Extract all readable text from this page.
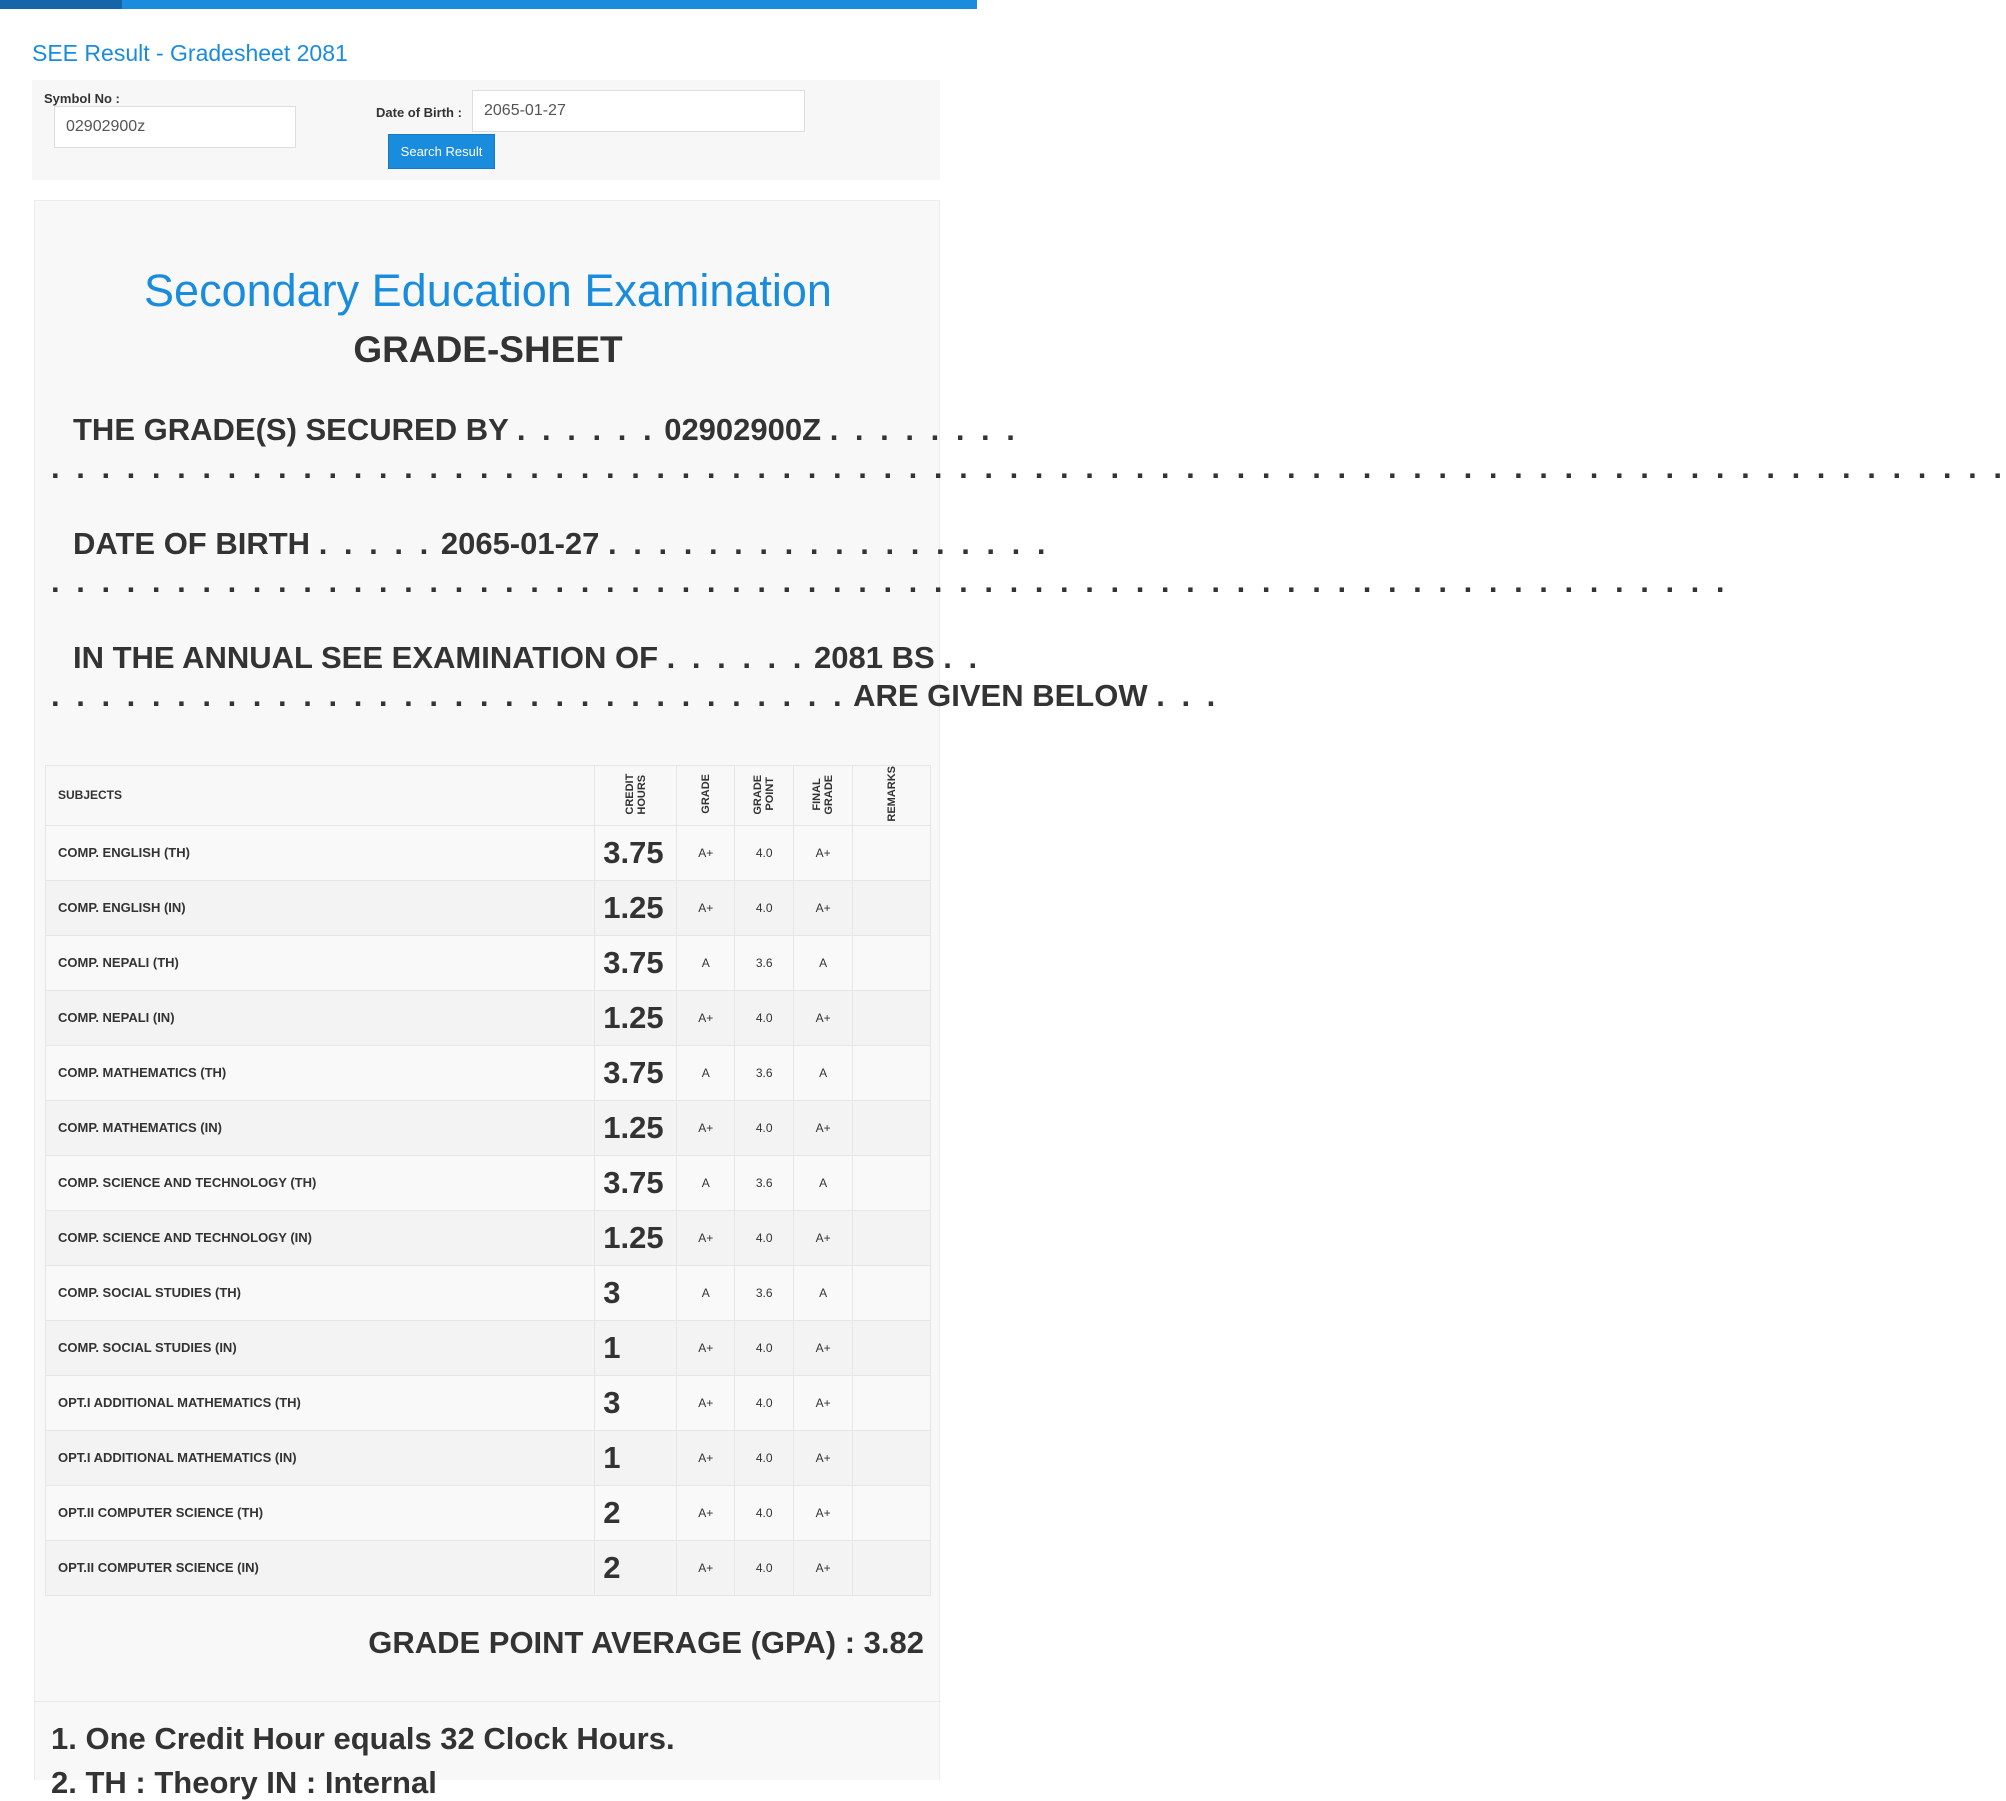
SEE Result - Gradesheet 2081
Symbol No :
02902900z
Date of Birth :
2065-01-27
Search Result
Secondary Education Examination
GRADE-SHEET
THE GRADE(S) SECURED BY . . . . . . 02902900Z . . . . . . . .
. . . . . . . . . . . . . . . . . . . . . . . . . . . . . . . . . . . . . . . . . . . . . . . . . . . . . . . . . . . . . . . . . . . . . . . . . . . . . .
DATE OF BIRTH . . . . . 2065-01-27 . . . . . . . . . . . . . . . . . .
. . . . . . . . . . . . . . . . . . . . . . . . . . . . . . . . . . . . . . . . . . . . . . . . . . . . . . . . . . . . . . . . . . .
IN THE ANNUAL SEE EXAMINATION OF . . . . . . 2081 BS . .
. . . . . . . . . . . . . . . . . . . . . . . . . . . . . . . . ARE GIVEN BELOW . . .
SUBJECTS	CREDIT HOURS	GRADE	GRADE POINT	FINAL GRADE	REMARKS
COMP. ENGLISH (TH)	3.75	A+	4.0	A+	
COMP. ENGLISH (IN)	1.25	A+	4.0	A+	
COMP. NEPALI (TH)	3.75	A	3.6	A	
COMP. NEPALI (IN)	1.25	A+	4.0	A+	
COMP. MATHEMATICS (TH)	3.75	A	3.6	A	
COMP. MATHEMATICS (IN)	1.25	A+	4.0	A+	
COMP. SCIENCE AND TECHNOLOGY (TH)	3.75	A	3.6	A	
COMP. SCIENCE AND TECHNOLOGY (IN)	1.25	A+	4.0	A+	
COMP. SOCIAL STUDIES (TH)	3	A	3.6	A	
COMP. SOCIAL STUDIES (IN)	1	A+	4.0	A+	
OPT.I ADDITIONAL MATHEMATICS (TH)	3	A+	4.0	A+	
OPT.I ADDITIONAL MATHEMATICS (IN)	1	A+	4.0	A+	
OPT.II COMPUTER SCIENCE (TH)	2	A+	4.0	A+	
OPT.II COMPUTER SCIENCE (IN)	2	A+	4.0	A+	
GRADE POINT AVERAGE (GPA) : 3.82
1. One Credit Hour equals 32 Clock Hours.
2. TH : Theory IN : Internal
